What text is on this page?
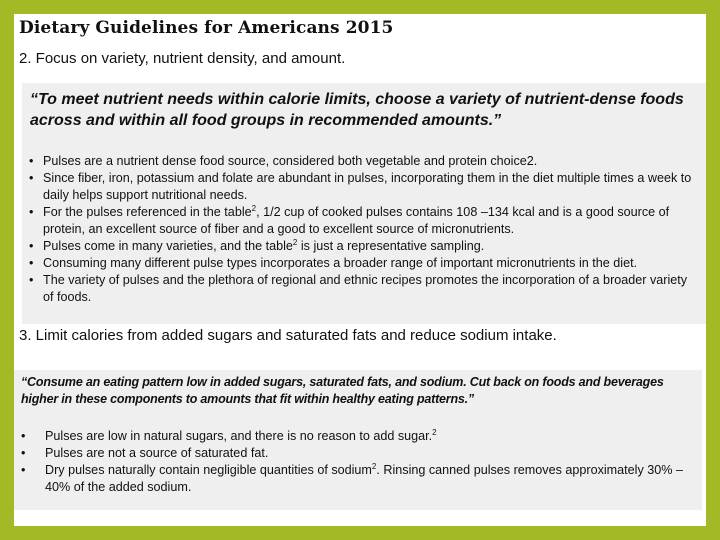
Dietary Guidelines for Americans 2015
2. Focus on variety, nutrient density, and amount.
“To meet nutrient needs within calorie limits, choose a variety of nutrient-dense foods across and within all food groups in recommended amounts.”
• Pulses are a nutrient dense food source, considered both vegetable and protein choice2.
• Since fiber, iron, potassium and folate are abundant in pulses, incorporating them in the diet multiple times a week to daily helps support nutritional needs.
• For the pulses referenced in the table$^2$, 1/2 cup of cooked pulses contains 108 –134 kcal and is a good source of protein, an excellent source of fiber and a good to excellent source of micronutrients.
• Pulses come in many varieties, and the table$^2$ is just a representative sampling.
• Consuming many different pulse types incorporates a broader range of important micronutrients in the diet.
• The variety of pulses and the plethora of regional and ethnic recipes promotes the incorporation of a broader variety of foods.
3. Limit calories from added sugars and saturated fats and reduce sodium intake.
“Consume an eating pattern low in added sugars, saturated fats, and sodium. Cut back on foods and beverages higher in these components to amounts that fit within healthy eating patterns.”
• Pulses are low in natural sugars, and there is no reason to add sugar.$^2$
• Pulses are not a source of saturated fat.
• Dry pulses naturally contain negligible quantities of sodium$^2$. Rinsing canned pulses removes approximately 30% – 40% of the added sodium.
